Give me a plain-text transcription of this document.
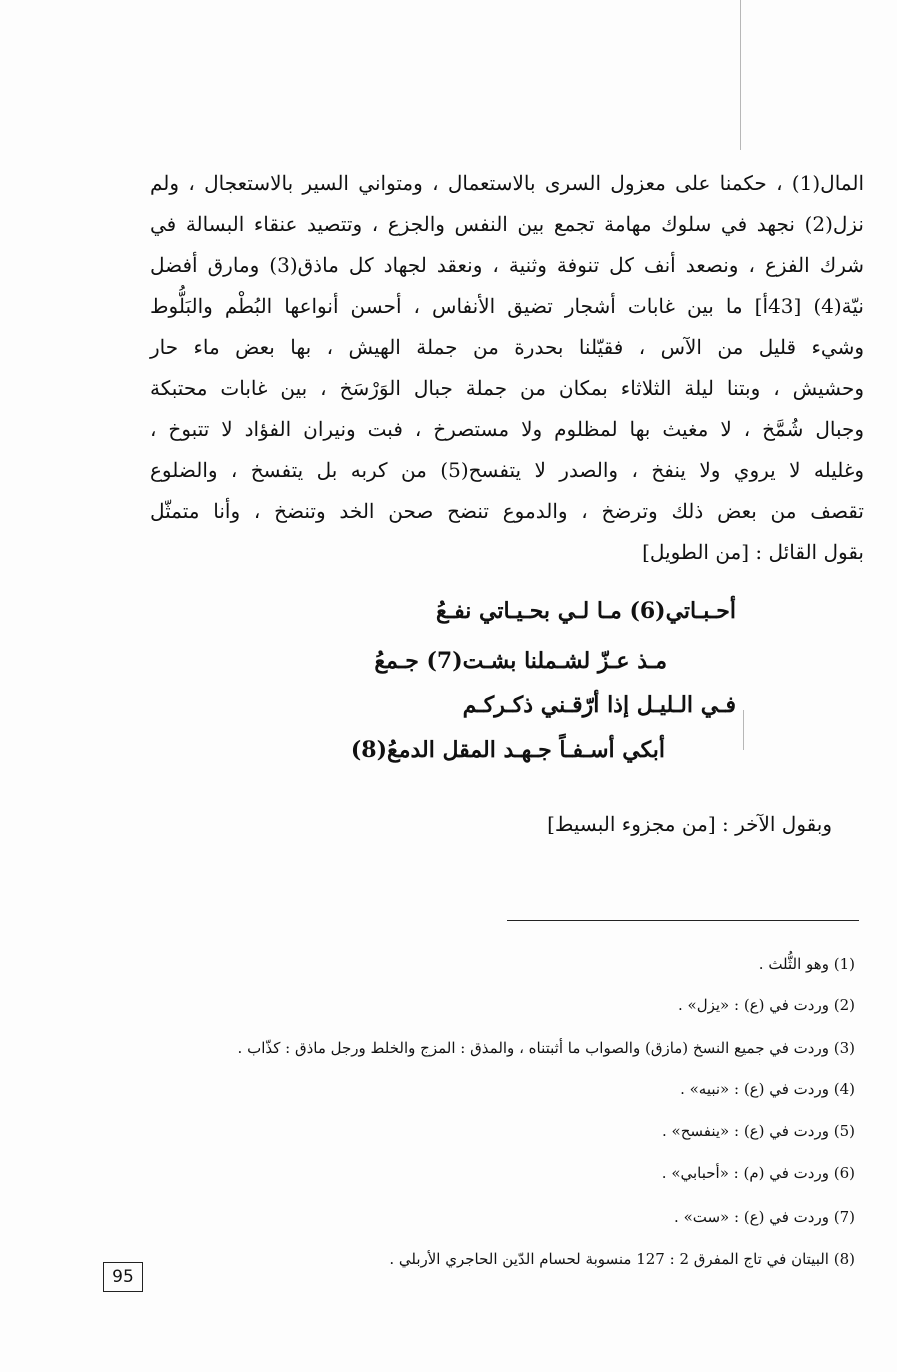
المال(1) ، حكمنا على معزول السرى بالاستعمال ، ومتواني السير بالاستعجال ، ولم
نزل(2) نجهد في سلوك مهامة تجمع بين النفس والجزع ، وتتصيد عنقاء البسالة في
شرك الفزع ، ونصعد أنف كل تنوفة وثنية ، ونعقد لجهاد كل ماذق(3) ومارق أفضل
نيّة(4) [43أ] ما بين غابات أشجار تضيق الأنفاس ، أحسن أنواعها البُطْم والبَلُّوط
وشيء قليل من الآس ، فقيّلنا بحدرة من جملة الهيش ، بها بعض ماء حار
وحشيش ، وبتنا ليلة الثلاثاء بمكان من جملة جبال الوَرْسَخ ، بين غابات محتبكة
وجبال شُمَّخ ، لا مغيث بها لمظلوم ولا مستصرخ ، فبت ونيران الفؤاد لا تتبوخ ،
وغليله لا يروي ولا ينفخ ، والصدر لا يتفسح(5) من كربه بل يتفسخ ، والضلوع
تقصف من بعض ذلك وترضخ ، والدموع تنضح صحن الخد وتنضخ ، وأنا متمثّل
بقول القائل : [من الطويل]
أحـبـاتي(6) مـا لـي بحـيـاتي نفـعُ
مـذ عـزّ لشـملنا بشـت(7) جـمعُ
فـي الـليـل إذا أرّقـني ذكـركـم
أبكي أسـفـاً جـهـد المقل الدمعُ(8)
وبقول الآخر : [من مجزوء البسيط]
(1) وهو الثُّلث .
(2) وردت في (ع) : «يزل» .
(3) وردت في جميع النسخ (مازق) والصواب ما أثبتناه ، والمذق : المزج والخلط ورجل ماذق : كذّاب .
(4) وردت في (ع) : «نبيه» .
(5) وردت في (ع) : «ينفسح» .
(6) وردت في (م) : «أحبابي» .
(7) وردت في (ع) : «ست» .
(8) البيتان في تاج المفرق 2 : 127 منسوبة لحسام الدّين الحاجري الأربلي .
95
